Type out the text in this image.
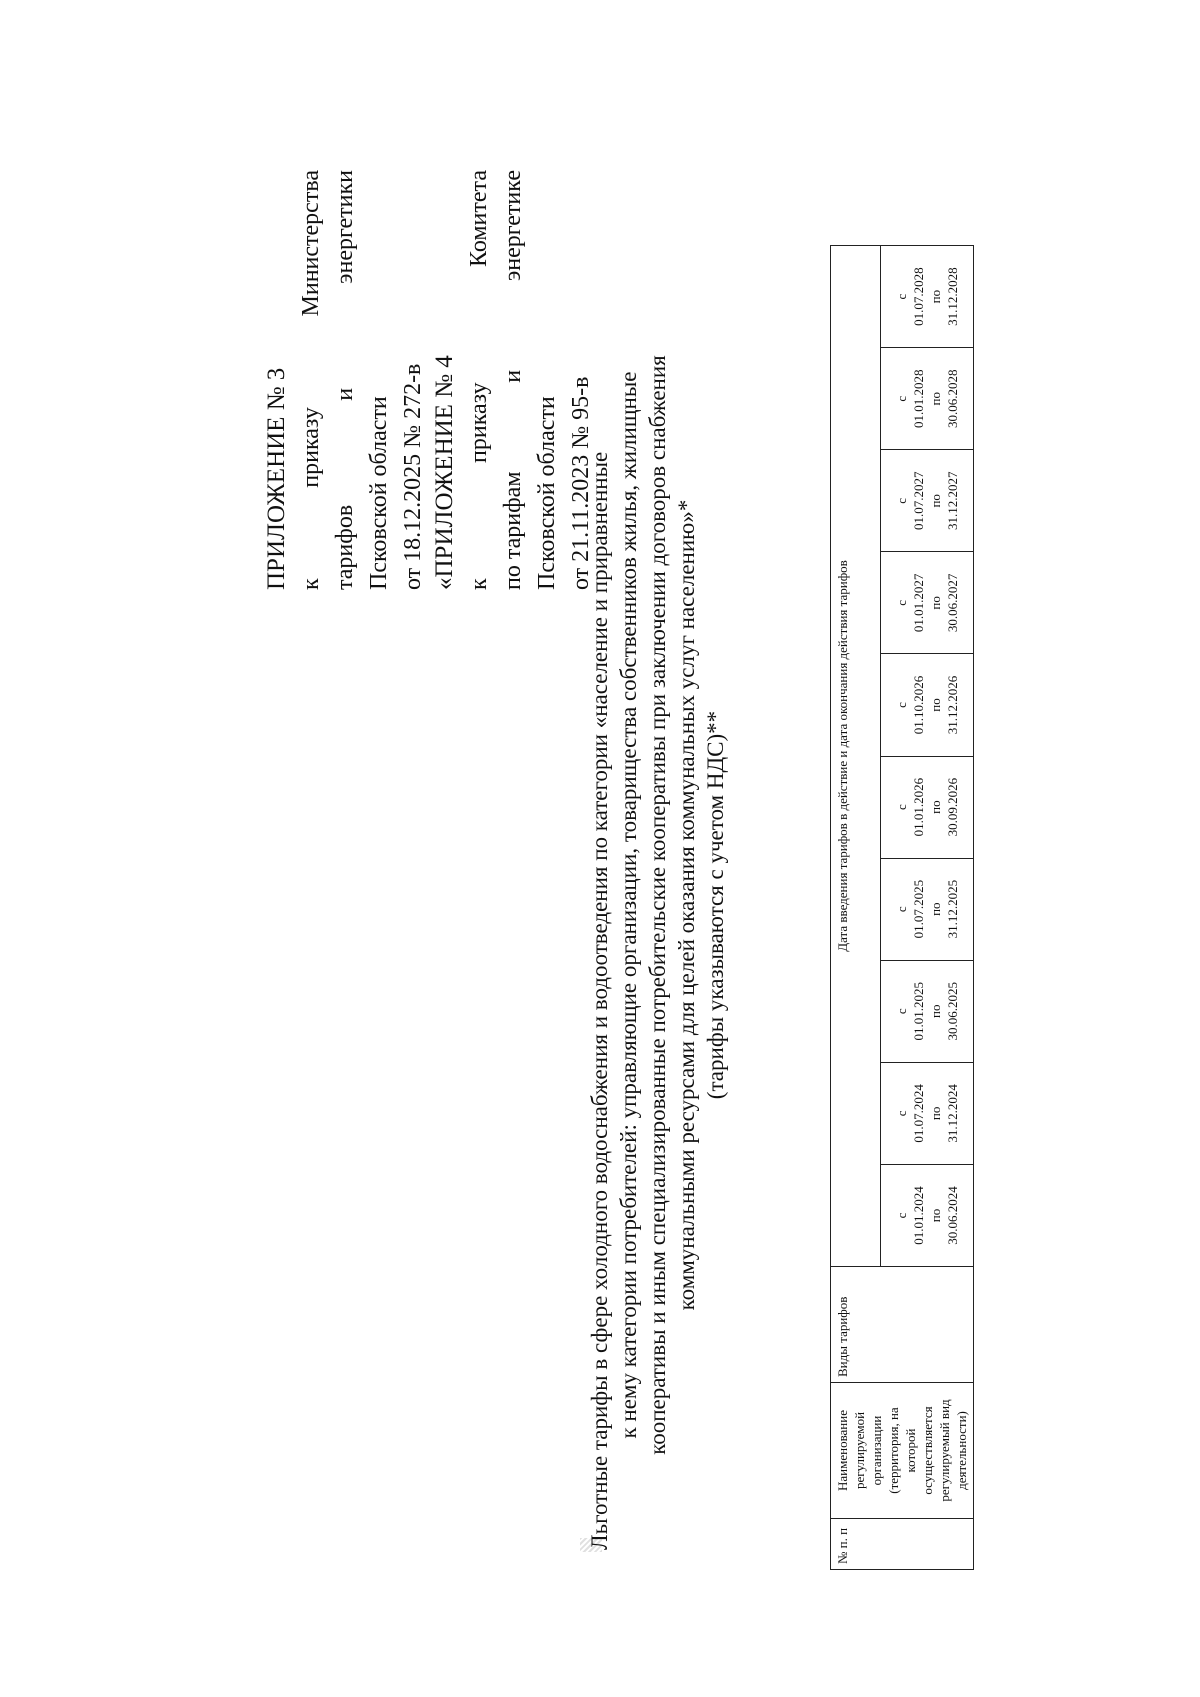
ПРИЛОЖЕНИЕ № 3 к
приказу
Министерства
тарифов
и
энергетики
Псковской области от 18.12.2025 № 272-в «ПРИЛОЖЕНИЕ № 4 к
приказу
Комитета
по тарифам
и
энергетике
Псковской области от 21.11.2023 № 95-в
Льготные тарифы в сфере холодного водоснабжения и водоотведения по категории «население и приравненные к нему категории потребителей: управляющие организации, товарищества собственников жилья, жилищные кооперативы и иным специализированные потребительские кооперативы при заключении договоров снабжения коммунальными ресурсами для целей оказания коммунальных услуг населению»* (тарифы указываются с учетом НДС)**
№ п. п	Наименование регулируемой организации (территория, на которой осуществляется регулируемый вид деятельности)	Виды тарифов	Дата введения тарифов в действие и дата окончания действия тарифов									

			с 01.01.2024 по 30.06.2024	с 01.07.2024 по 31.12.2024	с 01.01.2025 по 30.06.2025	с 01.07.2025 по 31.12.2025	с 01.01.2026 по 30.09.2026	с 01.10.2026 по 31.12.2026	с 01.01.2027 по 30.06.2027	с 01.07.2027 по 31.12.2027	с 01.01.2028 по 30.06.2028	с 01.07.2028 по 31.12.2028
